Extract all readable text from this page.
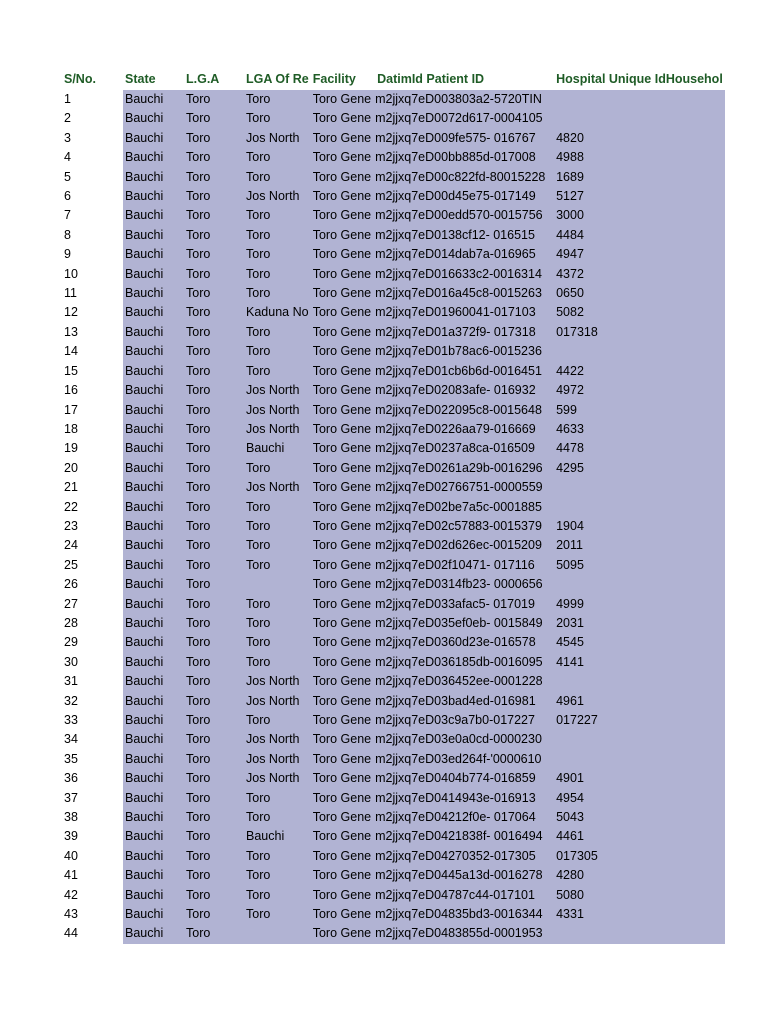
S/No.	State	L.G.A	LGA Of Re	Facility	DatimId Patient ID	Hospital Unique IdHousehol
1	Bauchi	Toro	Toro	Toro Gene	m2jjxq7eD003803a2-5720TIN	
2	Bauchi	Toro	Toro	Toro Gene	m2jjxq7eD0072d617-0004105	
3	Bauchi	Toro	Jos North	Toro Gene	m2jjxq7eD009fe575- 016767	4820
4	Bauchi	Toro	Toro	Toro Gene	m2jjxq7eD00bb885d-017008	4988
5	Bauchi	Toro	Toro	Toro Gene	m2jjxq7eD00c822fd-80015228	1689
6	Bauchi	Toro	Jos North	Toro Gene	m2jjxq7eD00d45e75-017149	5127
7	Bauchi	Toro	Toro	Toro Gene	m2jjxq7eD00edd570-0015756	3000
8	Bauchi	Toro	Toro	Toro Gene	m2jjxq7eD0138cf12- 016515	4484
9	Bauchi	Toro	Toro	Toro Gene	m2jjxq7eD014dab7a-016965	4947
10	Bauchi	Toro	Toro	Toro Gene	m2jjxq7eD016633c2-0016314	4372
11	Bauchi	Toro	Toro	Toro Gene	m2jjxq7eD016a45c8-0015263	0650
12	Bauchi	Toro	Kaduna No	Toro Gene	m2jjxq7eD01960041-017103	5082
13	Bauchi	Toro	Toro	Toro Gene	m2jjxq7eD01a372f9- 017318	017318
14	Bauchi	Toro	Toro	Toro Gene	m2jjxq7eD01b78ac6-0015236	
15	Bauchi	Toro	Toro	Toro Gene	m2jjxq7eD01cb6b6d-0016451	4422
16	Bauchi	Toro	Jos North	Toro Gene	m2jjxq7eD02083afe- 016932	4972
17	Bauchi	Toro	Jos North	Toro Gene	m2jjxq7eD022095c8-0015648	599
18	Bauchi	Toro	Jos North	Toro Gene	m2jjxq7eD0226aa79-016669	4633
19	Bauchi	Toro	Bauchi	Toro Gene	m2jjxq7eD0237a8ca-016509	4478
20	Bauchi	Toro	Toro	Toro Gene	m2jjxq7eD0261a29b-0016296	4295
21	Bauchi	Toro	Jos North	Toro Gene	m2jjxq7eD02766751-0000559	
22	Bauchi	Toro	Toro	Toro Gene	m2jjxq7eD02be7a5c-0001885	
23	Bauchi	Toro	Toro	Toro Gene	m2jjxq7eD02c57883-0015379	1904
24	Bauchi	Toro	Toro	Toro Gene	m2jjxq7eD02d626ec-0015209	2011
25	Bauchi	Toro	Toro	Toro Gene	m2jjxq7eD02f10471- 017116	5095
26	Bauchi	Toro		Toro Gene	m2jjxq7eD0314fb23- 0000656	
27	Bauchi	Toro	Toro	Toro Gene	m2jjxq7eD033afac5- 017019	4999
28	Bauchi	Toro	Toro	Toro Gene	m2jjxq7eD035ef0eb- 0015849	2031
29	Bauchi	Toro	Toro	Toro Gene	m2jjxq7eD0360d23e-016578	4545
30	Bauchi	Toro	Toro	Toro Gene	m2jjxq7eD036185db-0016095	4141
31	Bauchi	Toro	Jos North	Toro Gene	m2jjxq7eD036452ee-0001228	
32	Bauchi	Toro	Jos North	Toro Gene	m2jjxq7eD03bad4ed-016981	4961
33	Bauchi	Toro	Toro	Toro Gene	m2jjxq7eD03c9a7b0-017227	017227
34	Bauchi	Toro	Jos North	Toro Gene	m2jjxq7eD03e0a0cd-0000230	
35	Bauchi	Toro	Jos North	Toro Gene	m2jjxq7eD03ed264f-'0000610	
36	Bauchi	Toro	Jos North	Toro Gene	m2jjxq7eD0404b774-016859	4901
37	Bauchi	Toro	Toro	Toro Gene	m2jjxq7eD0414943e-016913	4954
38	Bauchi	Toro	Toro	Toro Gene	m2jjxq7eD04212f0e- 017064	5043
39	Bauchi	Toro	Bauchi	Toro Gene	m2jjxq7eD0421838f- 0016494	4461
40	Bauchi	Toro	Toro	Toro Gene	m2jjxq7eD04270352-017305	017305
41	Bauchi	Toro	Toro	Toro Gene	m2jjxq7eD0445a13d-0016278	4280
42	Bauchi	Toro	Toro	Toro Gene	m2jjxq7eD04787c44-017101	5080
43	Bauchi	Toro	Toro	Toro Gene	m2jjxq7eD04835bd3-0016344	4331
44	Bauchi	Toro		Toro Gene	m2jjxq7eD0483855d-0001953	
